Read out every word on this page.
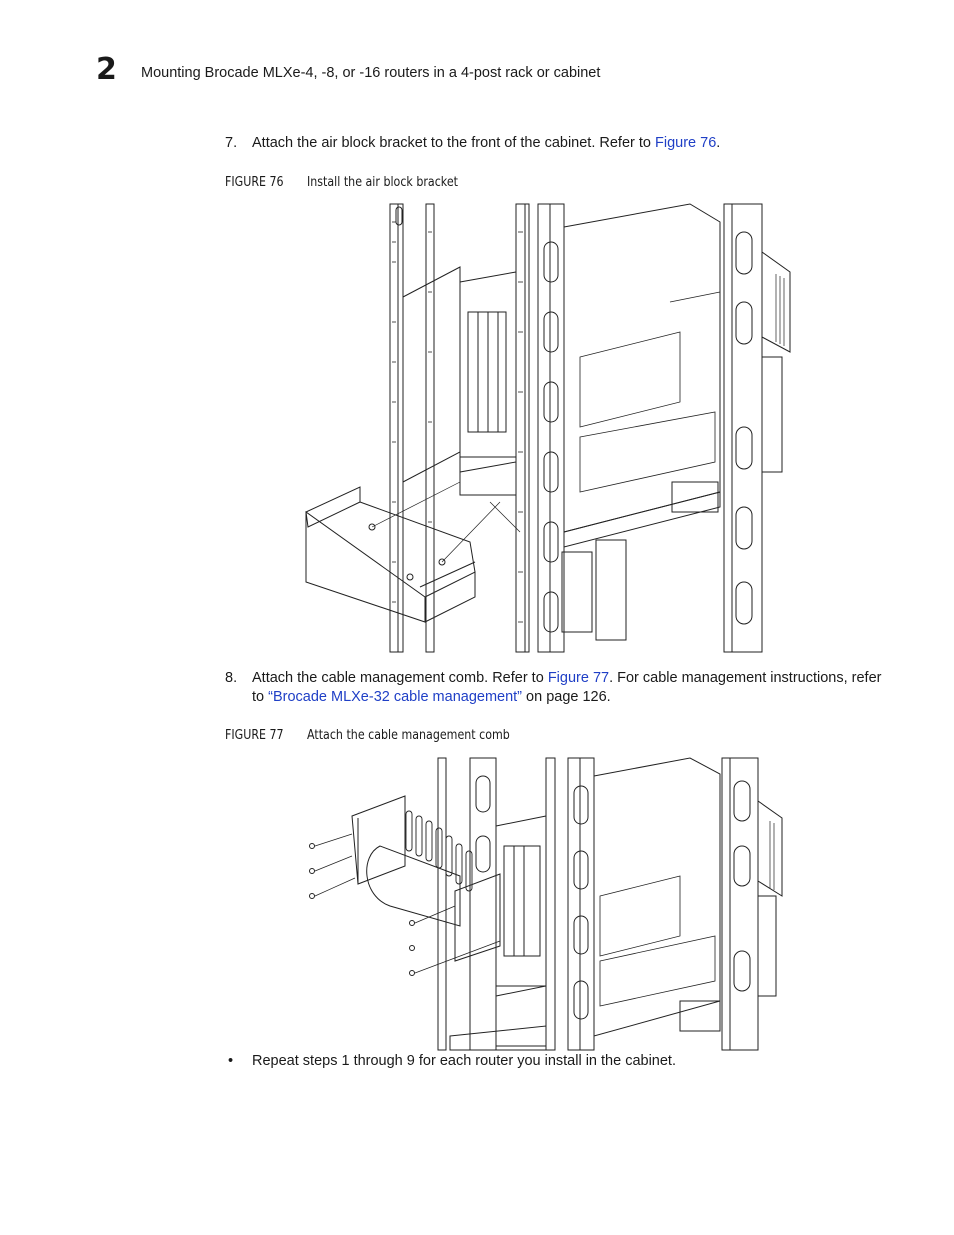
2 Mounting Brocade MLXe-4, -8, or -16 routers in a 4-post rack or cabinet
7. Attach the air block bracket to the front of the cabinet. Refer to Figure 76.
FIGURE 76 Install the air block bracket
8. Attach the cable management comb. Refer to Figure 77. For cable management instructions, refer to “Brocade MLXe-32 cable management” on page 126.
FIGURE 77 Attach the cable management comb
• Repeat steps 1 through 9 for each router you install in the cabinet.
